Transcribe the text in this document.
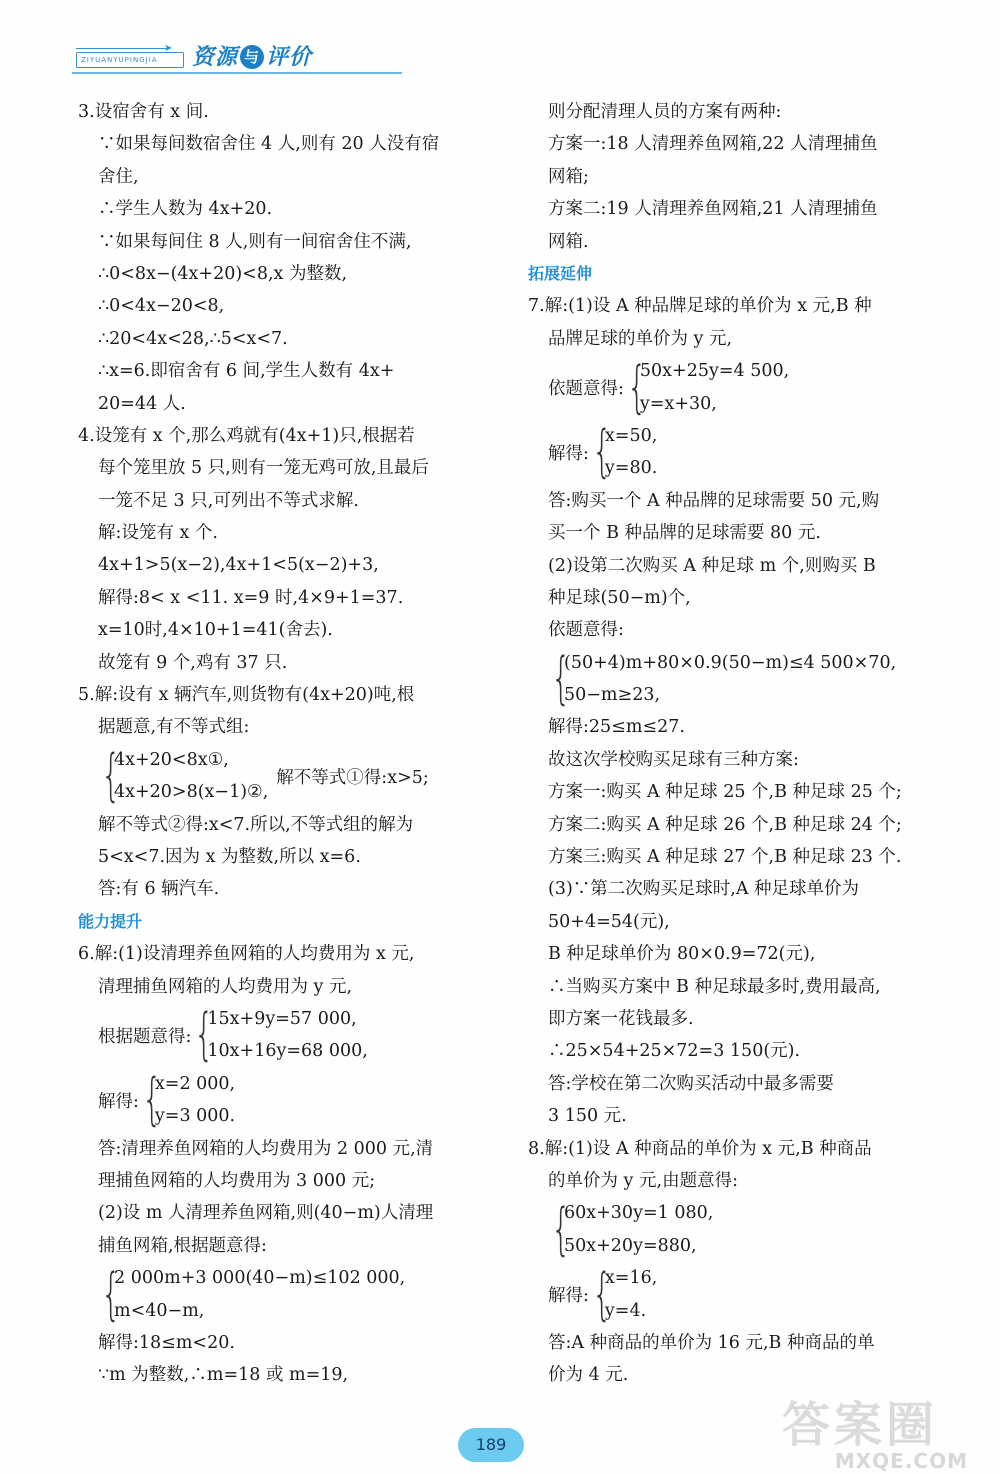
➤
ZIYUANYUPINGJIA	资源 与 评价
3.设宿舍有 x 间.
∵如果每间数宿舍住 4 人,则有 20 人没有宿
舍住,
∴学生人数为 4x+20.
∵如果每间住 8 人,则有一间宿舍住不满,
∴0<8x−(4x+20)<8,x 为整数,
∴0<4x−20<8,
∴20<4x<28,∴5<x<7.
∴x=6.即宿舍有 6 间,学生人数有 4x+
20=44 人.
4.设笼有 x 个,那么鸡就有(4x+1)只,根据若
每个笼里放 5 只,则有一笼无鸡可放,且最后
一笼不足 3 只,可列出不等式求解.
解:设笼有 x 个.
4x+1>5(x−2),4x+1<5(x−2)+3,
解得:8< x <11. x=9 时,4×9+1=37.
x=10时,4×10+1=41(舍去).
故笼有 9 个,鸡有 37 只.
5.解:设有 x 辆汽车,则货物有(4x+20)吨,根
据题意,有不等式组:
{
4x+20<8x①,
4x+20>8(x−1)②,
解不等式①得:x>5;
解不等式②得:x<7.所以,不等式组的解为
5<x<7.因为 x 为整数,所以 x=6.
答:有 6 辆汽车.
能力提升
6.解:(1)设清理养鱼网箱的人均费用为 x 元,
清理捕鱼网箱的人均费用为 y 元,
根据题意得: {
15x+9y=57 000,
10x+16y=68 000,
解得: {
x=2 000,
y=3 000.
答:清理养鱼网箱的人均费用为 2 000 元,清
理捕鱼网箱的人均费用为 3 000 元;
(2)设 m 人清理养鱼网箱,则(40−m)人清理
捕鱼网箱,根据题意得:
{
2 000m+3 000(40−m)≤102 000,
m<40−m,
解得:18≤m<20.
∵m 为整数,∴m=18 或 m=19,
则分配清理人员的方案有两种:
方案一:18 人清理养鱼网箱,22 人清理捕鱼
网箱;
方案二:19 人清理养鱼网箱,21 人清理捕鱼
网箱.
拓展延伸
7.解:(1)设 A 种品牌足球的单价为 x 元,B 种
品牌足球的单价为 y 元,
依题意得: {
50x+25y=4 500,
y=x+30,
解得: {
x=50,
y=80.
答:购买一个 A 种品牌的足球需要 50 元,购
买一个 B 种品牌的足球需要 80 元.
(2)设第二次购买 A 种足球 m 个,则购买 B
种足球(50−m)个,
依题意得:
{
(50+4)m+80×0.9(50−m)≤4 500×70,
50−m≥23,
解得:25≤m≤27.
故这次学校购买足球有三种方案:
方案一:购买 A 种足球 25 个,B 种足球 25 个;
方案二:购买 A 种足球 26 个,B 种足球 24 个;
方案三:购买 A 种足球 27 个,B 种足球 23 个.
(3)∵第二次购买足球时,A 种足球单价为
50+4=54(元),
B 种足球单价为 80×0.9=72(元),
∴当购买方案中 B 种足球最多时,费用最高,
即方案一花钱最多.
∴25×54+25×72=3 150(元).
答:学校在第二次购买活动中最多需要
3 150 元.
8.解:(1)设 A 种商品的单价为 x 元,B 种商品
的单价为 y 元,由题意得:
{
60x+30y=1 080,
50x+20y=880,
解得: {
x=16,
y=4.
答:A 种商品的单价为 16 元,B 种商品的单
价为 4 元.
189	答案圈
MXQE.COM
